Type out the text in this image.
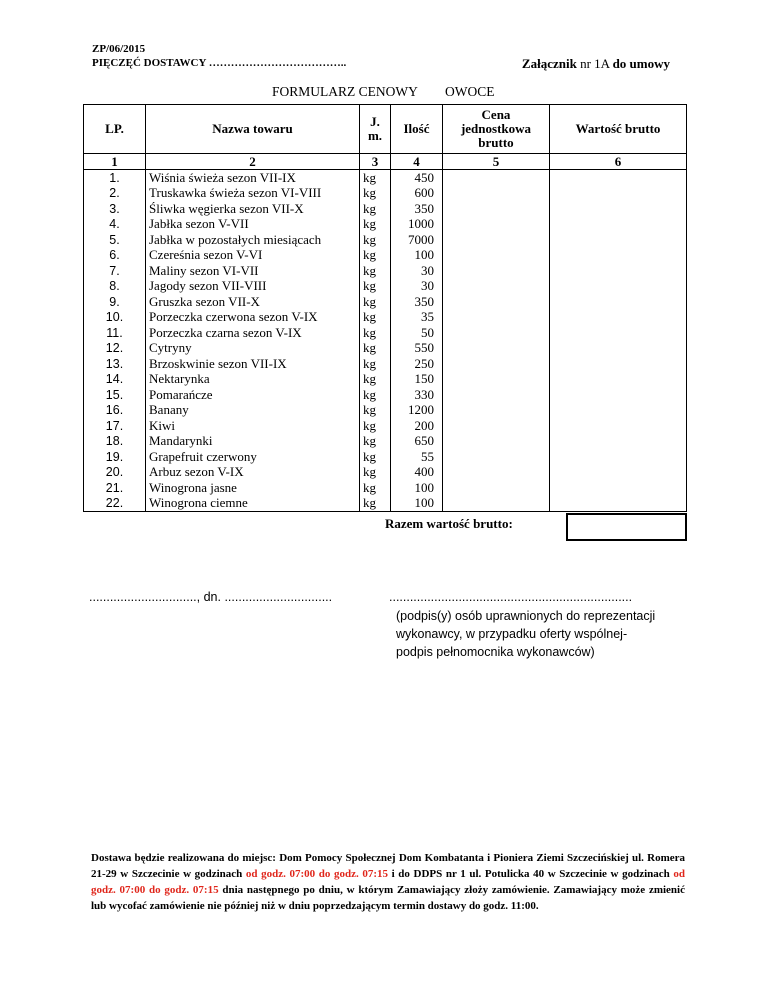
ZP/06/2015
PIĘCZĘĆ DOSTAWCY ………………………………..	Załącznik nr 1A do umowy
FORMULARZ CENOWY OWOCE
LP.	Nazwa towaru	J. m.	Ilość	Cena jednostkowa brutto	Wartość brutto
1	2	3	4	5	6
1.	Wiśnia świeża sezon VII-IX	kg	450		
2.	Truskawka świeża sezon VI-VIII	kg	600		
3.	Śliwka węgierka sezon VII-X	kg	350		
4.	Jabłka sezon V-VII	kg	1000		
5.	Jabłka w pozostałych miesiącach	kg	7000		
6.	Czereśnia sezon V-VI	kg	100		
7.	Maliny sezon VI-VII	kg	30		
8.	Jagody sezon VII-VIII	kg	30		
9.	Gruszka sezon VII-X	kg	350		
10.	Porzeczka czerwona sezon V-IX	kg	35		
11.	Porzeczka czarna sezon V-IX	kg	50		
12.	Cytryny	kg	550		
13.	Brzoskwinie sezon VII-IX	kg	250		
14.	Nektarynka	kg	150		
15.	Pomarańcze	kg	330		
16.	Banany	kg	1200		
17.	Kiwi	kg	200		
18.	Mandarynki	kg	650		
19.	Grapefruit czerwony	kg	55		
20.	Arbuz sezon V-IX	kg	400		
21.	Winogrona jasne	kg	100		
22.	Winogrona ciemne	kg	100		
Razem wartość brutto:
..............................., dn. ...............................	......................................................................
(podpis(y) osób uprawnionych do reprezentacji
wykonawcy, w przypadku oferty wspólnej-
podpis pełnomocnika wykonawców)
Dostawa będzie realizowana do miejsc: Dom Pomocy Społecznej Dom Kombatanta i Pioniera Ziemi Szczecińskiej ul. Romera 21-29 w Szczecinie w godzinach od godz. 07:00 do godz. 07:15 i do DDPS nr 1 ul. Potulicka 40 w Szczecinie w godzinach od godz. 07:00 do godz. 07:15 dnia następnego po dniu, w którym Zamawiający złoży zamówienie. Zamawiający może zmienić lub wycofać zamówienie nie później niż w dniu poprzedzającym termin dostawy do godz. 11:00.
